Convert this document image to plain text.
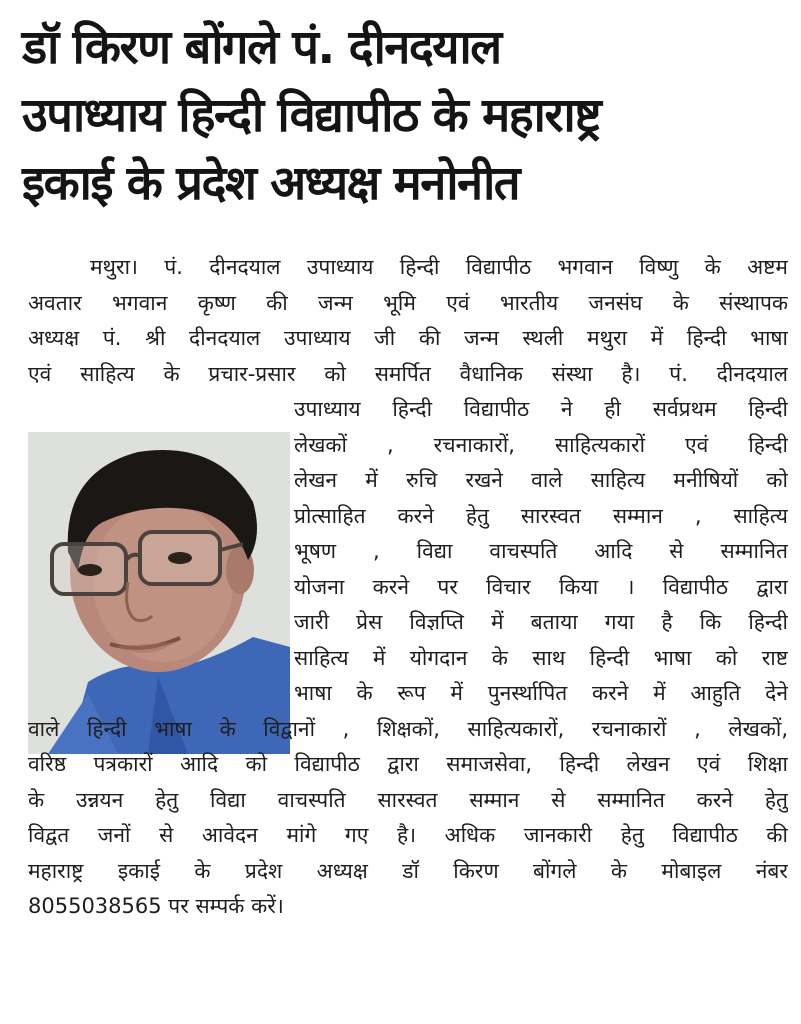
डॉ किरण बोंगले पं. दीनदयाल
उपाध्याय हिन्दी विद्यापीठ के महाराष्ट्र
इकाई के प्रदेश अध्यक्ष मनोनीत
मथुरा। पं. दीनदयाल उपाध्याय हिन्दी विद्यापीठ भगवान विष्णु के अष्टम
अवतार भगवान कृष्ण की जन्म भूमि एवं भारतीय जनसंघ के संस्थापक
अध्यक्ष पं. श्री दीनदयाल उपाध्याय जी की जन्म स्थली मथुरा में हिन्दी भाषा
एवं साहित्य के प्रचार-प्रसार को समर्पित वैधानिक संस्था है। पं. दीनदयाल
उपाध्याय हिन्दी विद्यापीठ ने ही सर्वप्रथम हिन्दी
लेखकों , रचनाकारों, साहित्यकारों एवं हिन्दी
लेखन में रुचि रखने वाले साहित्य मनीषियों को
प्रोत्साहित करने हेतु सारस्वत सम्मान , साहित्य
भूषण , विद्या वाचस्पति आदि से सम्मानित
योजना करने पर विचार किया । विद्यापीठ द्वारा
जारी प्रेस विज्ञप्ति में बताया गया है कि हिन्दी
साहित्य में योगदान के साथ हिन्दी भाषा को राष्ट
भाषा के रूप में पुनर्स्थापित करने में आहुति देने
वाले हिन्दी भाषा के विद्वानों , शिक्षकों, साहित्यकारों, रचनाकारों , लेखकों,
वरिष्ठ पत्रकारों आदि को विद्यापीठ द्वारा समाजसेवा, हिन्दी लेखन एवं शिक्षा
के उन्नयन हेतु विद्या वाचस्पति सारस्वत सम्मान से सम्मानित करने हेतु
विद्वत जनों से आवेदन मांगे गए है। अधिक जानकारी हेतु विद्यापीठ की
महाराष्ट्र इकाई के प्रदेश अध्यक्ष डॉ किरण बोंगले के मोबाइल नंबर
8055038565 पर सम्पर्क करें।
